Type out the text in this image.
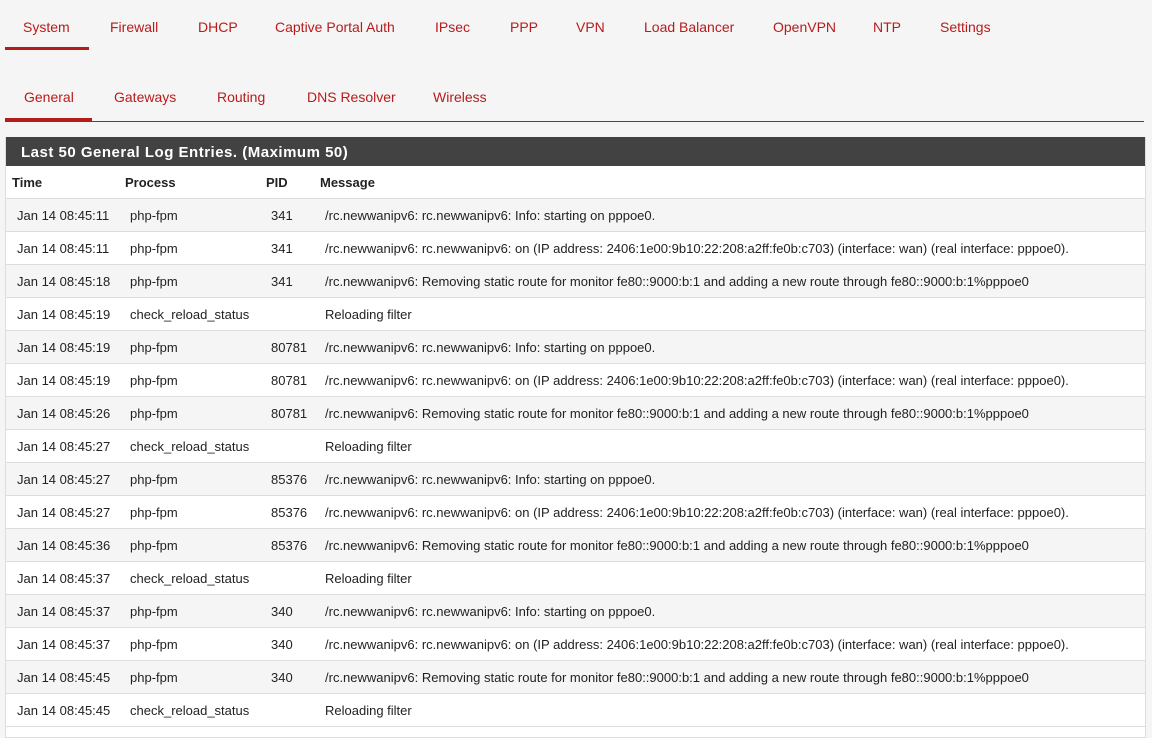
System	Firewall	DHCP	Captive Portal Auth	IPsec	PPP	VPN	Load Balancer	OpenVPN	NTP	Settings
General	Gateways	Routing	DNS Resolver	Wireless
Last 50 General Log Entries. (Maximum 50)
Time	Process	PID Message
Jan 14 08:45:11 php-fpm	341 /rc.newwanipv6: rc.newwanipv6: Info: starting on pppoe0.
Jan 14 08:45:11 php-fpm	341 /rc.newwanipv6: rc.newwanipv6: on (IP address: 2406:1e00:9b10:22:208:a2ff:fe0b:c703) (interface: wan) (real interface: pppoe0).
Jan 14 08:45:18 php-fpm	341 /rc.newwanipv6: Removing static route for monitor fe80::9000:b:1 and adding a new route through fe80::9000:b:1%pppoe0
Jan 14 08:45:19 check_reload_status	Reloading filter
Jan 14 08:45:19 php-fpm	80781 /rc.newwanipv6: rc.newwanipv6: Info: starting on pppoe0.
Jan 14 08:45:19 php-fpm	80781 /rc.newwanipv6: rc.newwanipv6: on (IP address: 2406:1e00:9b10:22:208:a2ff:fe0b:c703) (interface: wan) (real interface: pppoe0).
Jan 14 08:45:26 php-fpm	80781 /rc.newwanipv6: Removing static route for monitor fe80::9000:b:1 and adding a new route through fe80::9000:b:1%pppoe0
Jan 14 08:45:27 check_reload_status	Reloading filter
Jan 14 08:45:27 php-fpm	85376 /rc.newwanipv6: rc.newwanipv6: Info: starting on pppoe0.
Jan 14 08:45:27 php-fpm	85376 /rc.newwanipv6: rc.newwanipv6: on (IP address: 2406:1e00:9b10:22:208:a2ff:fe0b:c703) (interface: wan) (real interface: pppoe0).
Jan 14 08:45:36 php-fpm	85376 /rc.newwanipv6: Removing static route for monitor fe80::9000:b:1 and adding a new route through fe80::9000:b:1%pppoe0
Jan 14 08:45:37 check_reload_status	Reloading filter
Jan 14 08:45:37 php-fpm	340 /rc.newwanipv6: rc.newwanipv6: Info: starting on pppoe0.
Jan 14 08:45:37 php-fpm	340 /rc.newwanipv6: rc.newwanipv6: on (IP address: 2406:1e00:9b10:22:208:a2ff:fe0b:c703) (interface: wan) (real interface: pppoe0).
Jan 14 08:45:45 php-fpm	340 /rc.newwanipv6: Removing static route for monitor fe80::9000:b:1 and adding a new route through fe80::9000:b:1%pppoe0
Jan 14 08:45:45 check_reload_status	Reloading filter
